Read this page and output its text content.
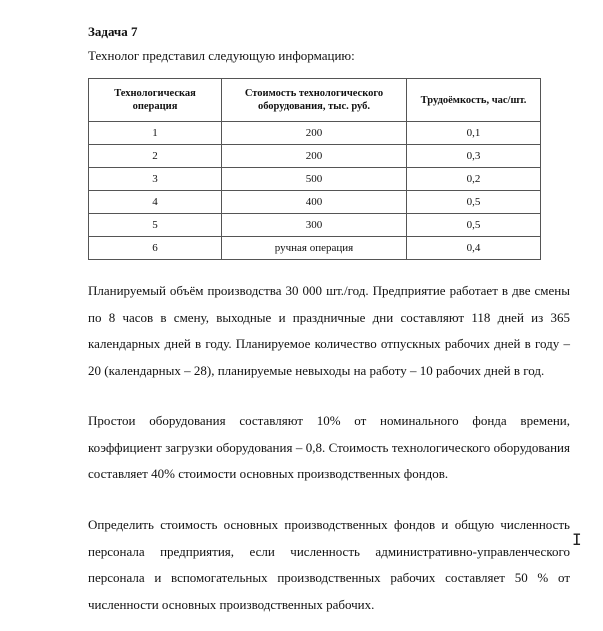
Задача 7
Технолог представил следующую информацию:
Технологическая операция	Стоимость технологического оборудования, тыс. руб.	Трудоёмкость, час/шт.
1	200	0,1
2	200	0,3
3	500	0,2
4	400	0,5
5	300	0,5
6	ручная операция	0,4
Планируемый объём производства 30 000 шт./год. Предприятие работает в две смены по 8 часов в смену, выходные и праздничные дни составляют 118 дней из 365 календарных дней в году. Планируемое количество отпускных рабочих дней в году – 20 (календарных – 28), планируемые невыходы на работу – 10 рабочих дней в год.
Простои оборудования составляют 10% от номинального фонда времени, коэффициент загрузки оборудования – 0,8. Стоимость технологического оборудования составляет 40% стоимости основных производственных фондов.
Определить стоимость основных производственных фондов и общую численность персонала предприятия, если численность административно-управленческого персонала и вспомогательных производственных рабочих составляет 50 % от численности основных производственных рабочих.
I
